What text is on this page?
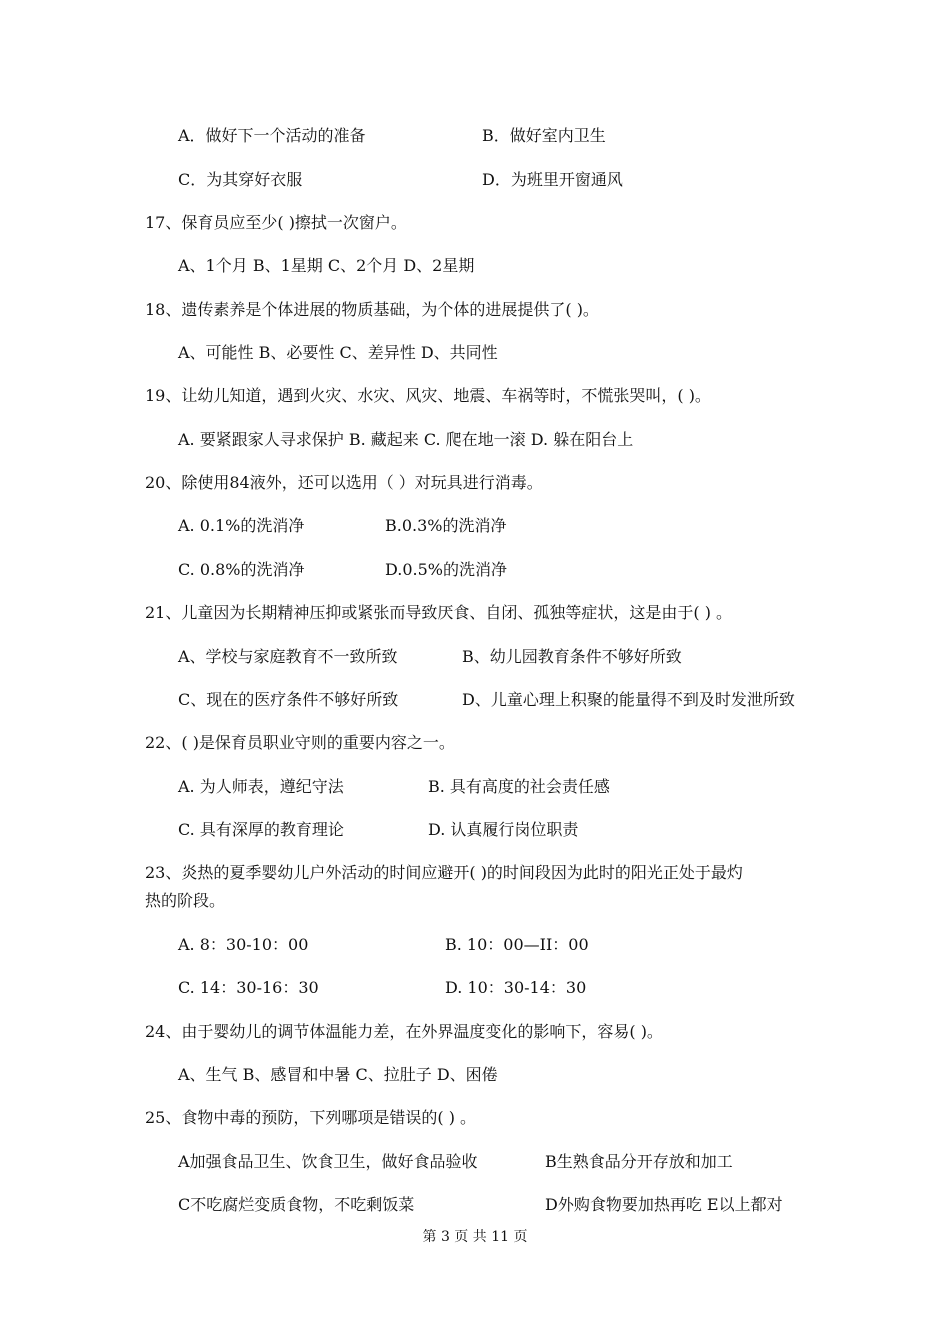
A．做好下一个活动的准备	B．做好室内卫生
C．为其穿好衣服	D．为班里开窗通风
17、保育员应至少( )擦拭一次窗户。
A、1个月 B、1星期 C、2个月 D、2星期
18、遗传素养是个体进展的物质基础，为个体的进展提供了( )。
A、可能性 B、必要性 C、差异性 D、共同性
19、让幼儿知道，遇到火灾、水灾、风灾、地震、车祸等时，不慌张哭叫，( )。
A. 要紧跟家人寻求保护 B. 藏起来 C. 爬在地一滚 D. 躲在阳台上
20、除使用84液外，还可以选用（ ）对玩具进行消毒。
A. 0.1%的洗消净	B.0.3%的洗消净
C. 0.8%的洗消净	D.0.5%的洗消净
21、儿童因为长期精神压抑或紧张而导致厌食、自闭、孤独等症状，这是由于( ) 。
A、学校与家庭教育不一致所致	B、幼儿园教育条件不够好所致
C、现在的医疗条件不够好所致	D、儿童心理上积聚的能量得不到及时发泄所致
22、( )是保育员职业守则的重要内容之一。
A. 为人师表，遵纪守法	B. 具有高度的社会责任感
C. 具有深厚的教育理论	D. 认真履行岗位职责
23、炎热的夏季婴幼儿户外活动的时间应避开( )的时间段因为此时的阳光正处于最灼
热的阶段。
A. 8：30-10：00	B. 10：00—II：00
C. 14：30-16：30	D. 10：30-14：30
24、由于婴幼儿的调节体温能力差，在外界温度变化的影响下，容易( )。
A、生气 B、感冒和中暑 C、拉肚子 D、困倦
25、食物中毒的预防，下列哪项是错误的( ) 。
A加强食品卫生、饮食卫生，做好食品验收	B生熟食品分开存放和加工
C不吃腐烂变质食物，不吃剩饭菜	D外购食物要加热再吃 E以上都对
第 3 页 共 11 页
